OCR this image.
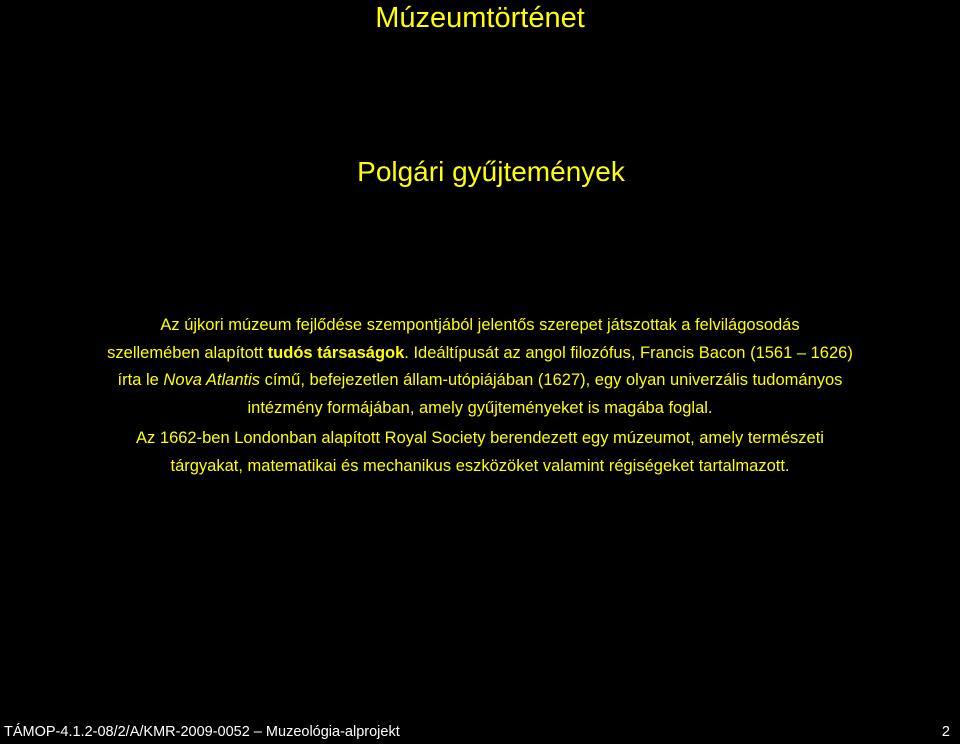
Múzeumtörténet
Polgári gyűjtemények

Az újkori múzeum fejlődése szempontjából jelentős szerepet játszottak a felvilágosodás
szellemében alapított tudós társaságok. Ideáltípusát az angol filozófus, Francis Bacon (1561 – 1626)
írta le Nova Atlantis című, befejezetlen állam-utópiájában (1627), egy olyan univerzális tudományos
intézmény formájában, amely gyűjteményeket is magába foglal.

Az 1662-ben Londonban alapított Royal Society berendezett egy múzeumot, amely természeti
tárgyakat, matematikai és mechanikus eszközöket valamint régiségeket tartalmazott.

TÁMOP-4.1.2-08/2/A/KMR-2009-0052 – Muzeológia-alprojekt	2
